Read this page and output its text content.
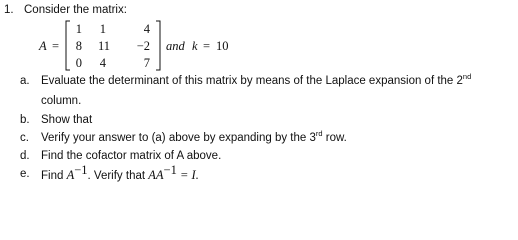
1. Consider the matrix:
A =
1	1	4
8	11	−2
0	4	7
and k = 10
a. Evaluate the determinant of this matrix by means of the Laplace expansion of the 2nd
column.
b. Show that
c. Verify your answer to (a) above by expanding by the 3rd row.
d. Find the cofactor matrix of A above.
e. Find $A^{-1}$. Verify that $AA^{-1} = I$.
